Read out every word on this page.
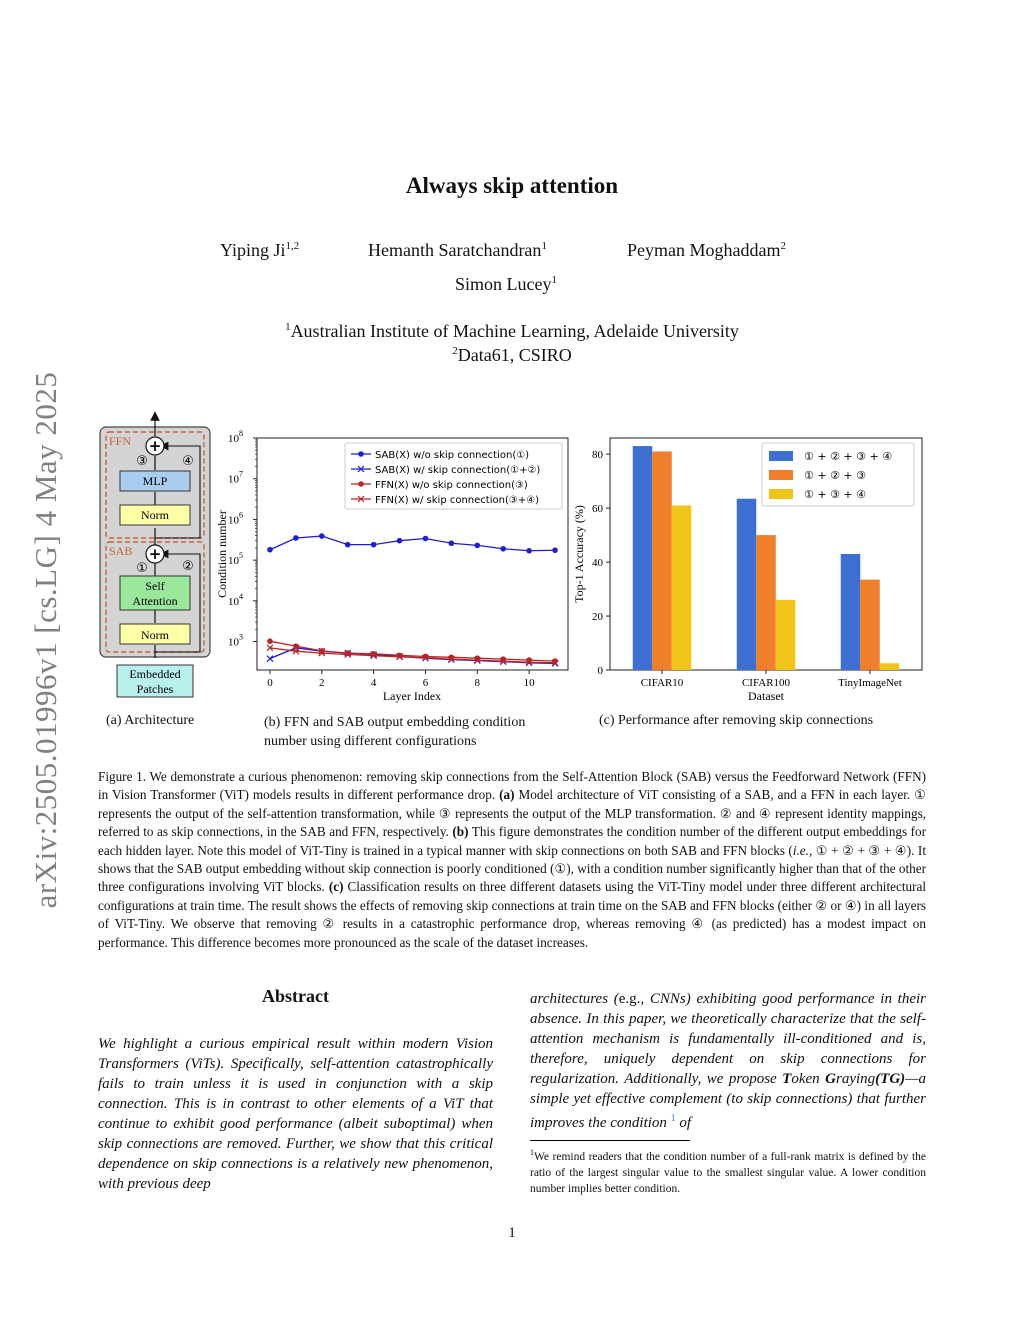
arXiv:2505.01996v1 [cs.LG] 4 May 2025
Always skip attention
Yiping Ji$^{1,2}$	Hemanth Saratchandran$^1$	Peyman Moghaddam$^2$
Simon Lucey$^1$
$^1$Australian Institute of Machine Learning, Adelaide University
$^2$Data61, CSIRO
FFN
SAB
+
+
③	④
①	②
MLP
Norm
Self
Attention
Norm
Embedded
Patches
(a) Architecture
Condition number
Layer Index
$10^3$
$10^4$
$10^5$
$10^6$
$10^7$
$10^8$
0	2	4	6	8	10
SAB(X) w/o skip connection(①)
SAB(X) w/ skip connection(①+②)
FFN(X) w/o skip connection(③)
FFN(X) w/ skip connection(③+④)
(b) FFN and SAB output embedding condition
number using different configurations
Top-1 Accuracy (%)
Dataset
0
20
40
60
80
CIFAR10	CIFAR100	TinyImageNet
① + ② + ③ + ④
① + ② + ③
① + ③ + ④
(c) Performance after removing skip connections
Figure 1. We demonstrate a curious phenomenon: removing skip connections from the Self-Attention Block (SAB) versus the Feedforward Network (FFN) in Vision Transformer (ViT) models results in different performance drop. (a) Model architecture of ViT consisting of a SAB, and a FFN in each layer. ① represents the output of the self-attention transformation, while ③ represents the output of the MLP transformation. ② and ④ represent identity mappings, referred to as skip connections, in the SAB and FFN, respectively. (b) This figure demonstrates the condition number of the different output embeddings for each hidden layer. Note this model of ViT-Tiny is trained in a typical manner with skip connections on both SAB and FFN blocks (i.e., ① + ② + ③ + ④). It shows that the SAB output embedding without skip connection is poorly conditioned (①), with a condition number significantly higher than that of the other three configurations involving ViT blocks. (c) Classification results on three different datasets using the ViT-Tiny model under three different architectural configurations at train time. The result shows the effects of removing skip connections at train time on the SAB and FFN blocks (either ② or ④) in all layers of ViT-Tiny. We observe that removing ② results in a catastrophic performance drop, whereas removing ④ (as predicted) has a modest impact on performance. This difference becomes more pronounced as the scale of the dataset increases.
Abstract
We highlight a curious empirical result within modern Vision Transformers (ViTs). Specifically, self-attention catastrophically fails to train unless it is used in conjunction with a skip connection. This is in contrast to other elements of a ViT that continue to exhibit good performance (albeit suboptimal) when skip connections are removed. Further, we show that this critical dependence on skip connections is a relatively new phenomenon, with previous deep
architectures (e.g., CNNs) exhibiting good performance in their absence. In this paper, we theoretically characterize that the self-attention mechanism is fundamentally ill-conditioned and is, therefore, uniquely dependent on skip connections for regularization. Additionally, we propose Token Graying(TG)—a simple yet effective complement (to skip connections) that further improves the condition $^1$ of
$^1$We remind readers that the condition number of a full-rank matrix is defined by the ratio of the largest singular value to the smallest singular value. A lower condition number implies better condition.
1
